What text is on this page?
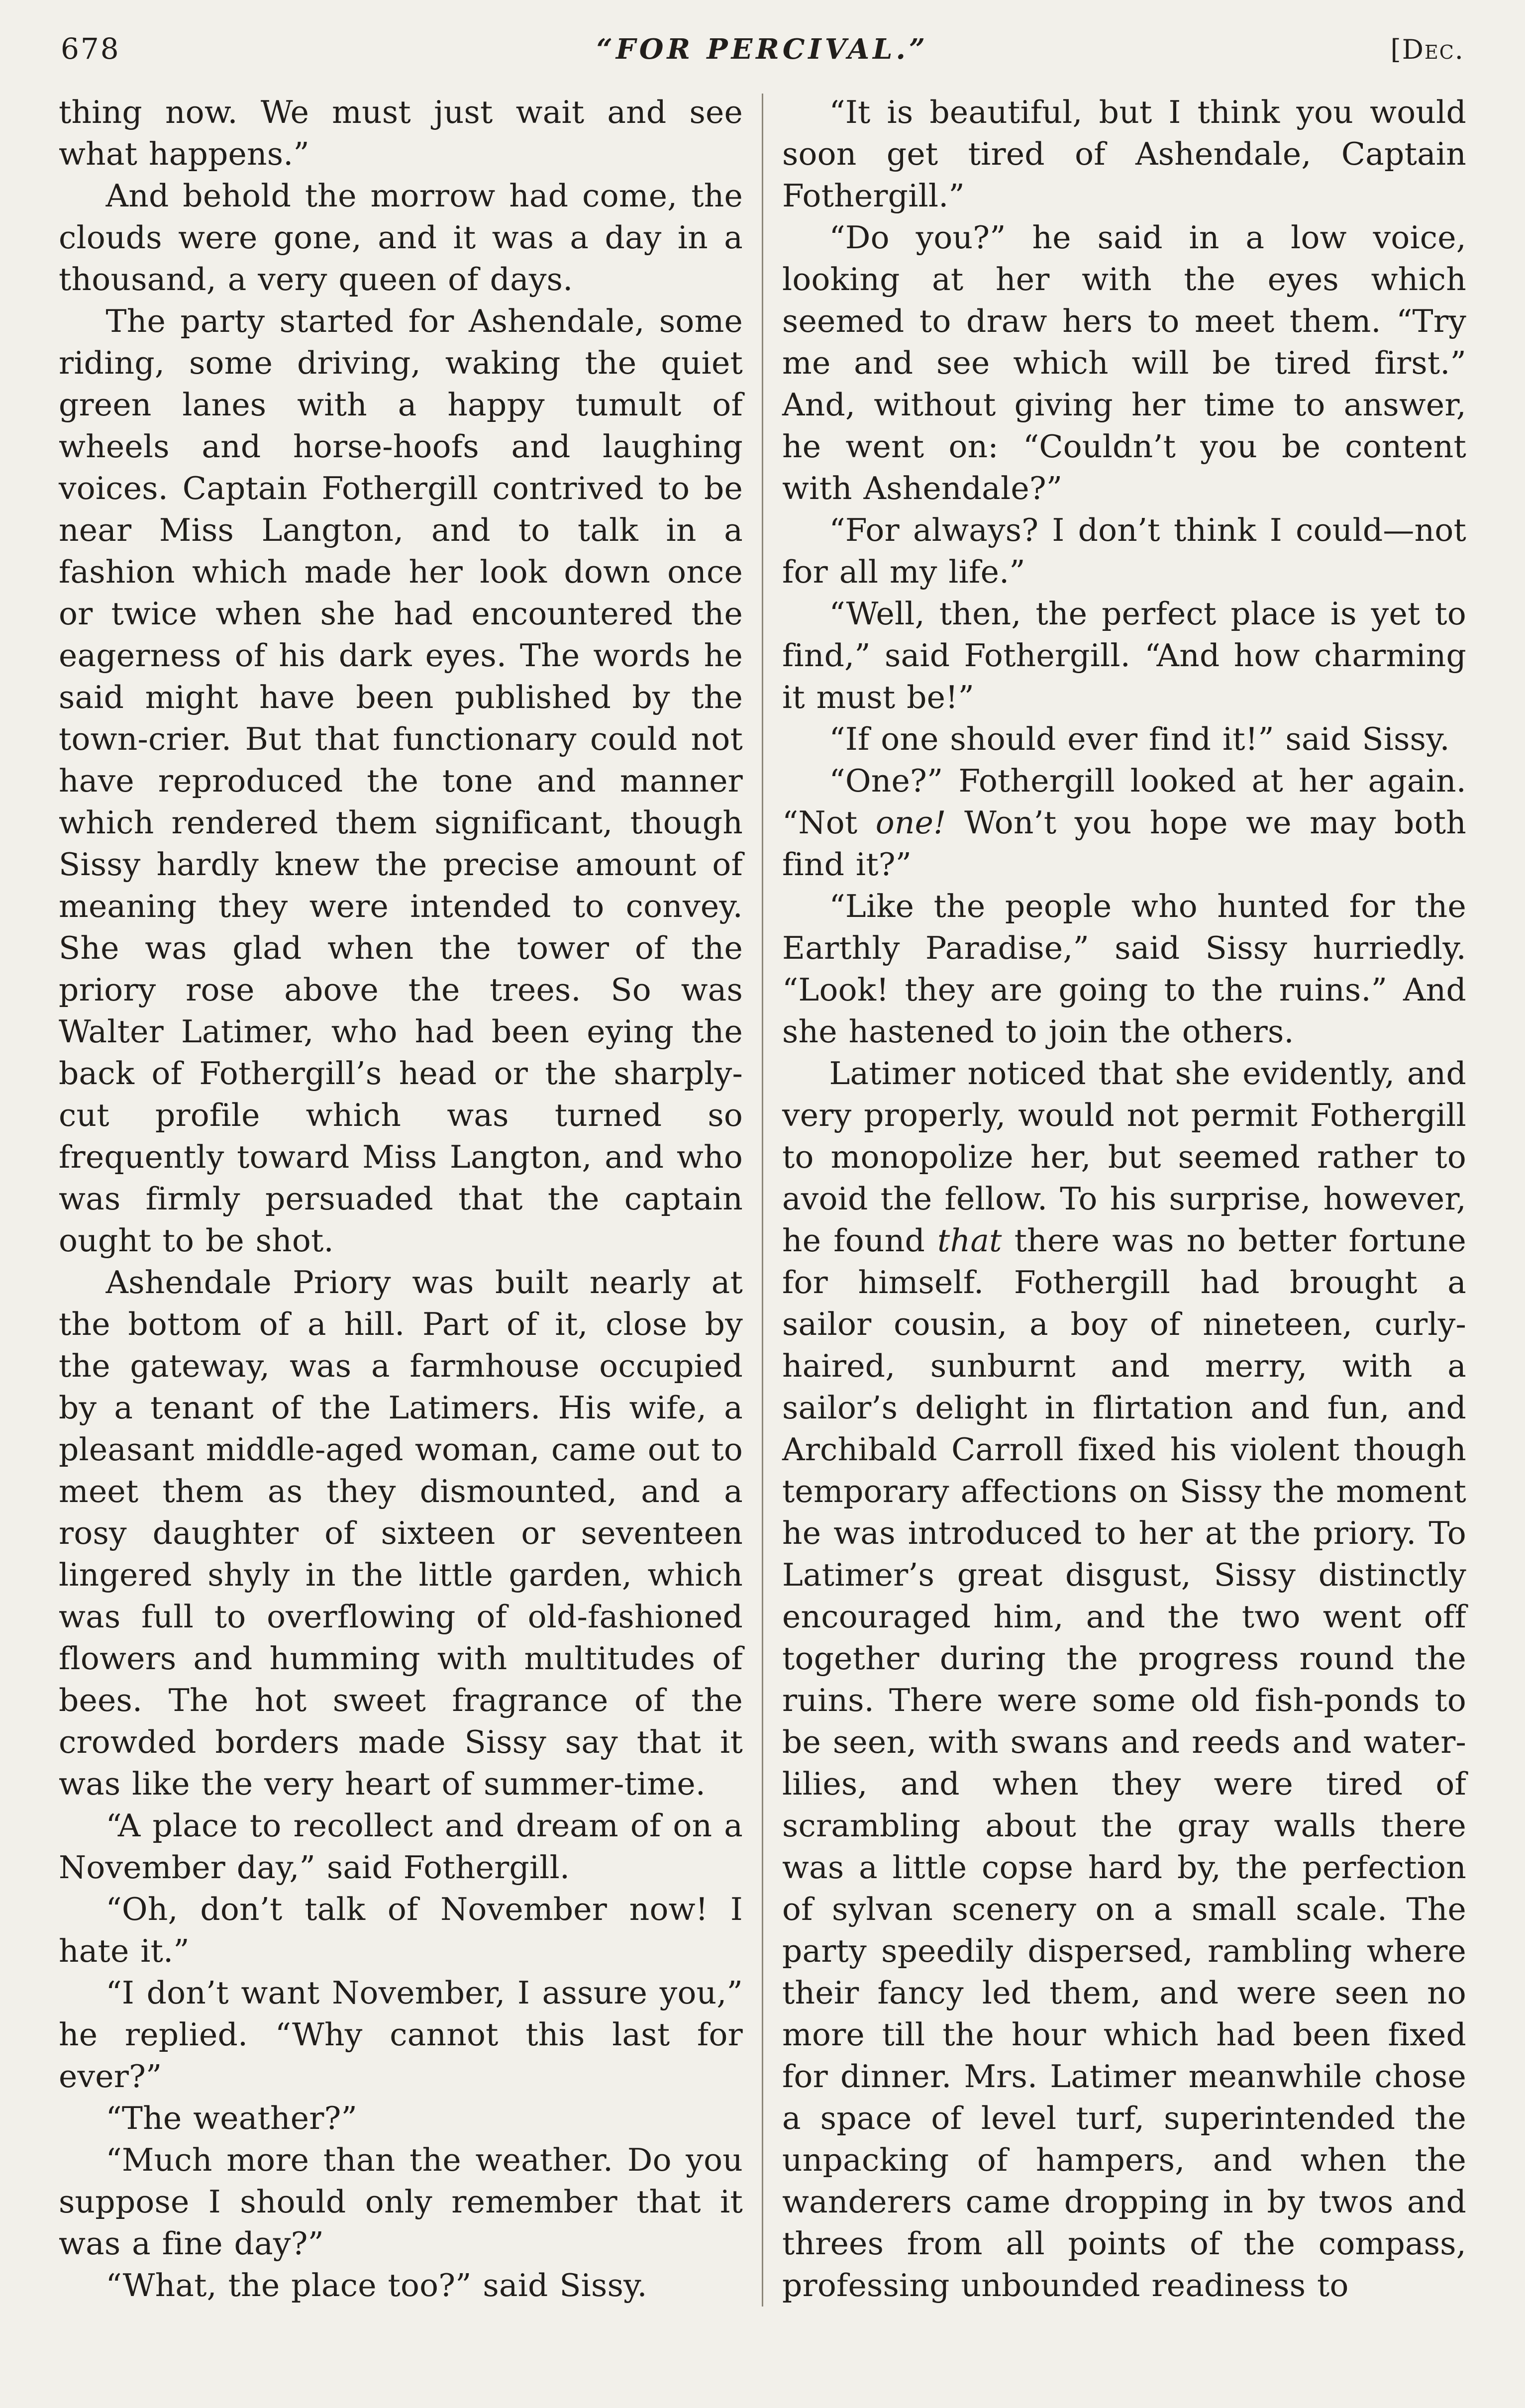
678	“FOR PERCIVAL.”	[Dec.

thing now. We must just wait and see what happens.”

And behold the morrow had come, the clouds were gone, and it was a day in a thousand, a very queen of days.

The party started for Ashendale, some riding, some driving, waking the quiet green lanes with a happy tumult of wheels and horse-hoofs and laughing voices. Captain Fothergill contrived to be near Miss Langton, and to talk in a fashion which made her look down once or twice when she had encountered the eagerness of his dark eyes. The words he said might have been published by the town-crier. But that functionary could not have reproduced the tone and manner which rendered them significant, though Sissy hardly knew the precise amount of meaning they were intended to convey. She was glad when the tower of the priory rose above the trees. So was Walter Latimer, who had been eying the back of Fothergill’s head or the sharply-cut profile which was turned so frequently toward Miss Langton, and who was firmly persuaded that the captain ought to be shot.

Ashendale Priory was built nearly at the bottom of a hill. Part of it, close by the gateway, was a farmhouse occupied by a tenant of the Latimers. His wife, a pleasant middle-aged woman, came out to meet them as they dismounted, and a rosy daughter of sixteen or seventeen lingered shyly in the little garden, which was full to overflowing of old-fashioned flowers and humming with multitudes of bees. The hot sweet fragrance of the crowded borders made Sissy say that it was like the very heart of summer-time.

“A place to recollect and dream of on a November day,” said Fothergill.

“Oh, don’t talk of November now! I hate it.”

“I don’t want November, I assure you,” he replied. “Why cannot this last for ever?”

“The weather?”

“Much more than the weather. Do you suppose I should only remember that it was a fine day?”

“What, the place too?” said Sissy.

“It is beautiful, but I think you would soon get tired of Ashendale, Captain Fothergill.”

“Do you?” he said in a low voice, looking at her with the eyes which seemed to draw hers to meet them. “Try me and see which will be tired first.” And, without giving her time to answer, he went on: “Couldn’t you be content with Ashendale?”

“For always? I don’t think I could—not for all my life.”

“Well, then, the perfect place is yet to find,” said Fothergill. “And how charming it must be!”

“If one should ever find it!” said Sissy.

“One?” Fothergill looked at her again. “Not one! Won’t you hope we may both find it?”

“Like the people who hunted for the Earthly Paradise,” said Sissy hurriedly. “Look! they are going to the ruins.” And she hastened to join the others.

Latimer noticed that she evidently, and very properly, would not permit Fothergill to monopolize her, but seemed rather to avoid the fellow. To his surprise, however, he found that there was no better fortune for himself. Fothergill had brought a sailor cousin, a boy of nineteen, curly-haired, sunburnt and merry, with a sailor’s delight in flirtation and fun, and Archibald Carroll fixed his violent though temporary affections on Sissy the moment he was introduced to her at the priory. To Latimer’s great disgust, Sissy distinctly encouraged him, and the two went off together during the progress round the ruins. There were some old fish-ponds to be seen, with swans and reeds and water-lilies, and when they were tired of scrambling about the gray walls there was a little copse hard by, the perfection of sylvan scenery on a small scale. The party speedily dispersed, rambling where their fancy led them, and were seen no more till the hour which had been fixed for dinner. Mrs. Latimer meanwhile chose a space of level turf, superintended the unpacking of hampers, and when the wanderers came dropping in by twos and threes from all points of the compass, professing unbounded readiness to
